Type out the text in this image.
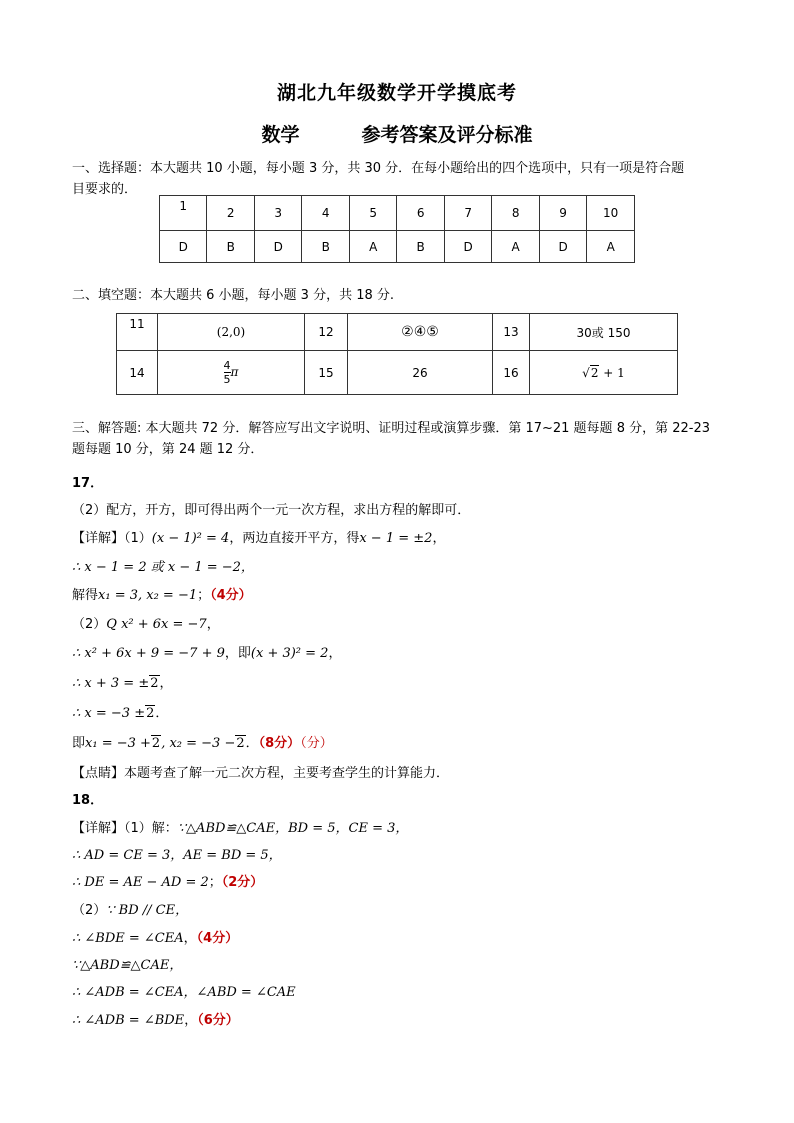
湖北九年级数学开学摸底考
数学	参考答案及评分标准
一、选择题：本大题共 10 小题，每小题 3 分，共 30 分．在每小题给出的四个选项中，只有一项是符合题
目要求的．
1	2	3	4	5	6	7	8	9	10
D	B	D	B	A	B	D	A	D	A
二、填空题：本大题共 6 小题，每小题 3 分，共 18 分.
11	(2,0)	12	②④⑤	13	30或 150
14	$\frac{4}{5}$ π	15	26	16	√2 + 1
三、解答题: 本大题共 72 分．解答应写出文字说明、证明过程或演算步骤．第 17~21 题每题 8 分，第 22-23
题每题 10 分，第 24 题 12 分．
17．
（2）配方，开方，即可得出两个一元一次方程，求出方程的解即可．
【详解】（1）(x − 1)² = 4，两边直接开平方，得x − 1 = ±2，
∴ x − 1 = 2 或 x − 1 = −2，
解得x₁ = 3, x₂ = −1；（4分）
（2）Q x² + 6x = −7，
∴ x² + 6x + 9 = −7 + 9，即(x + 3)² = 2，
∴ x + 3 = ±2，
∴ x = −3 ±2．
即x₁ = −3 +2, x₂ = −3 −2．（8分）（分）
【点睛】本题考查了解一元二次方程，主要考查学生的计算能力．
18．
【详解】（1）解：∵△ABD≌△CAE，BD = 5，CE = 3，
∴ AD = CE = 3，AE = BD = 5，
∴ DE = AE − AD = 2；（2分）
（2）∵ BD // CE，
∴ ∠BDE = ∠CEA，（4分）
∵△ABD≌△CAE，
∴ ∠ADB = ∠CEA，∠ABD = ∠CAE
∴ ∠ADB = ∠BDE，（6分）
